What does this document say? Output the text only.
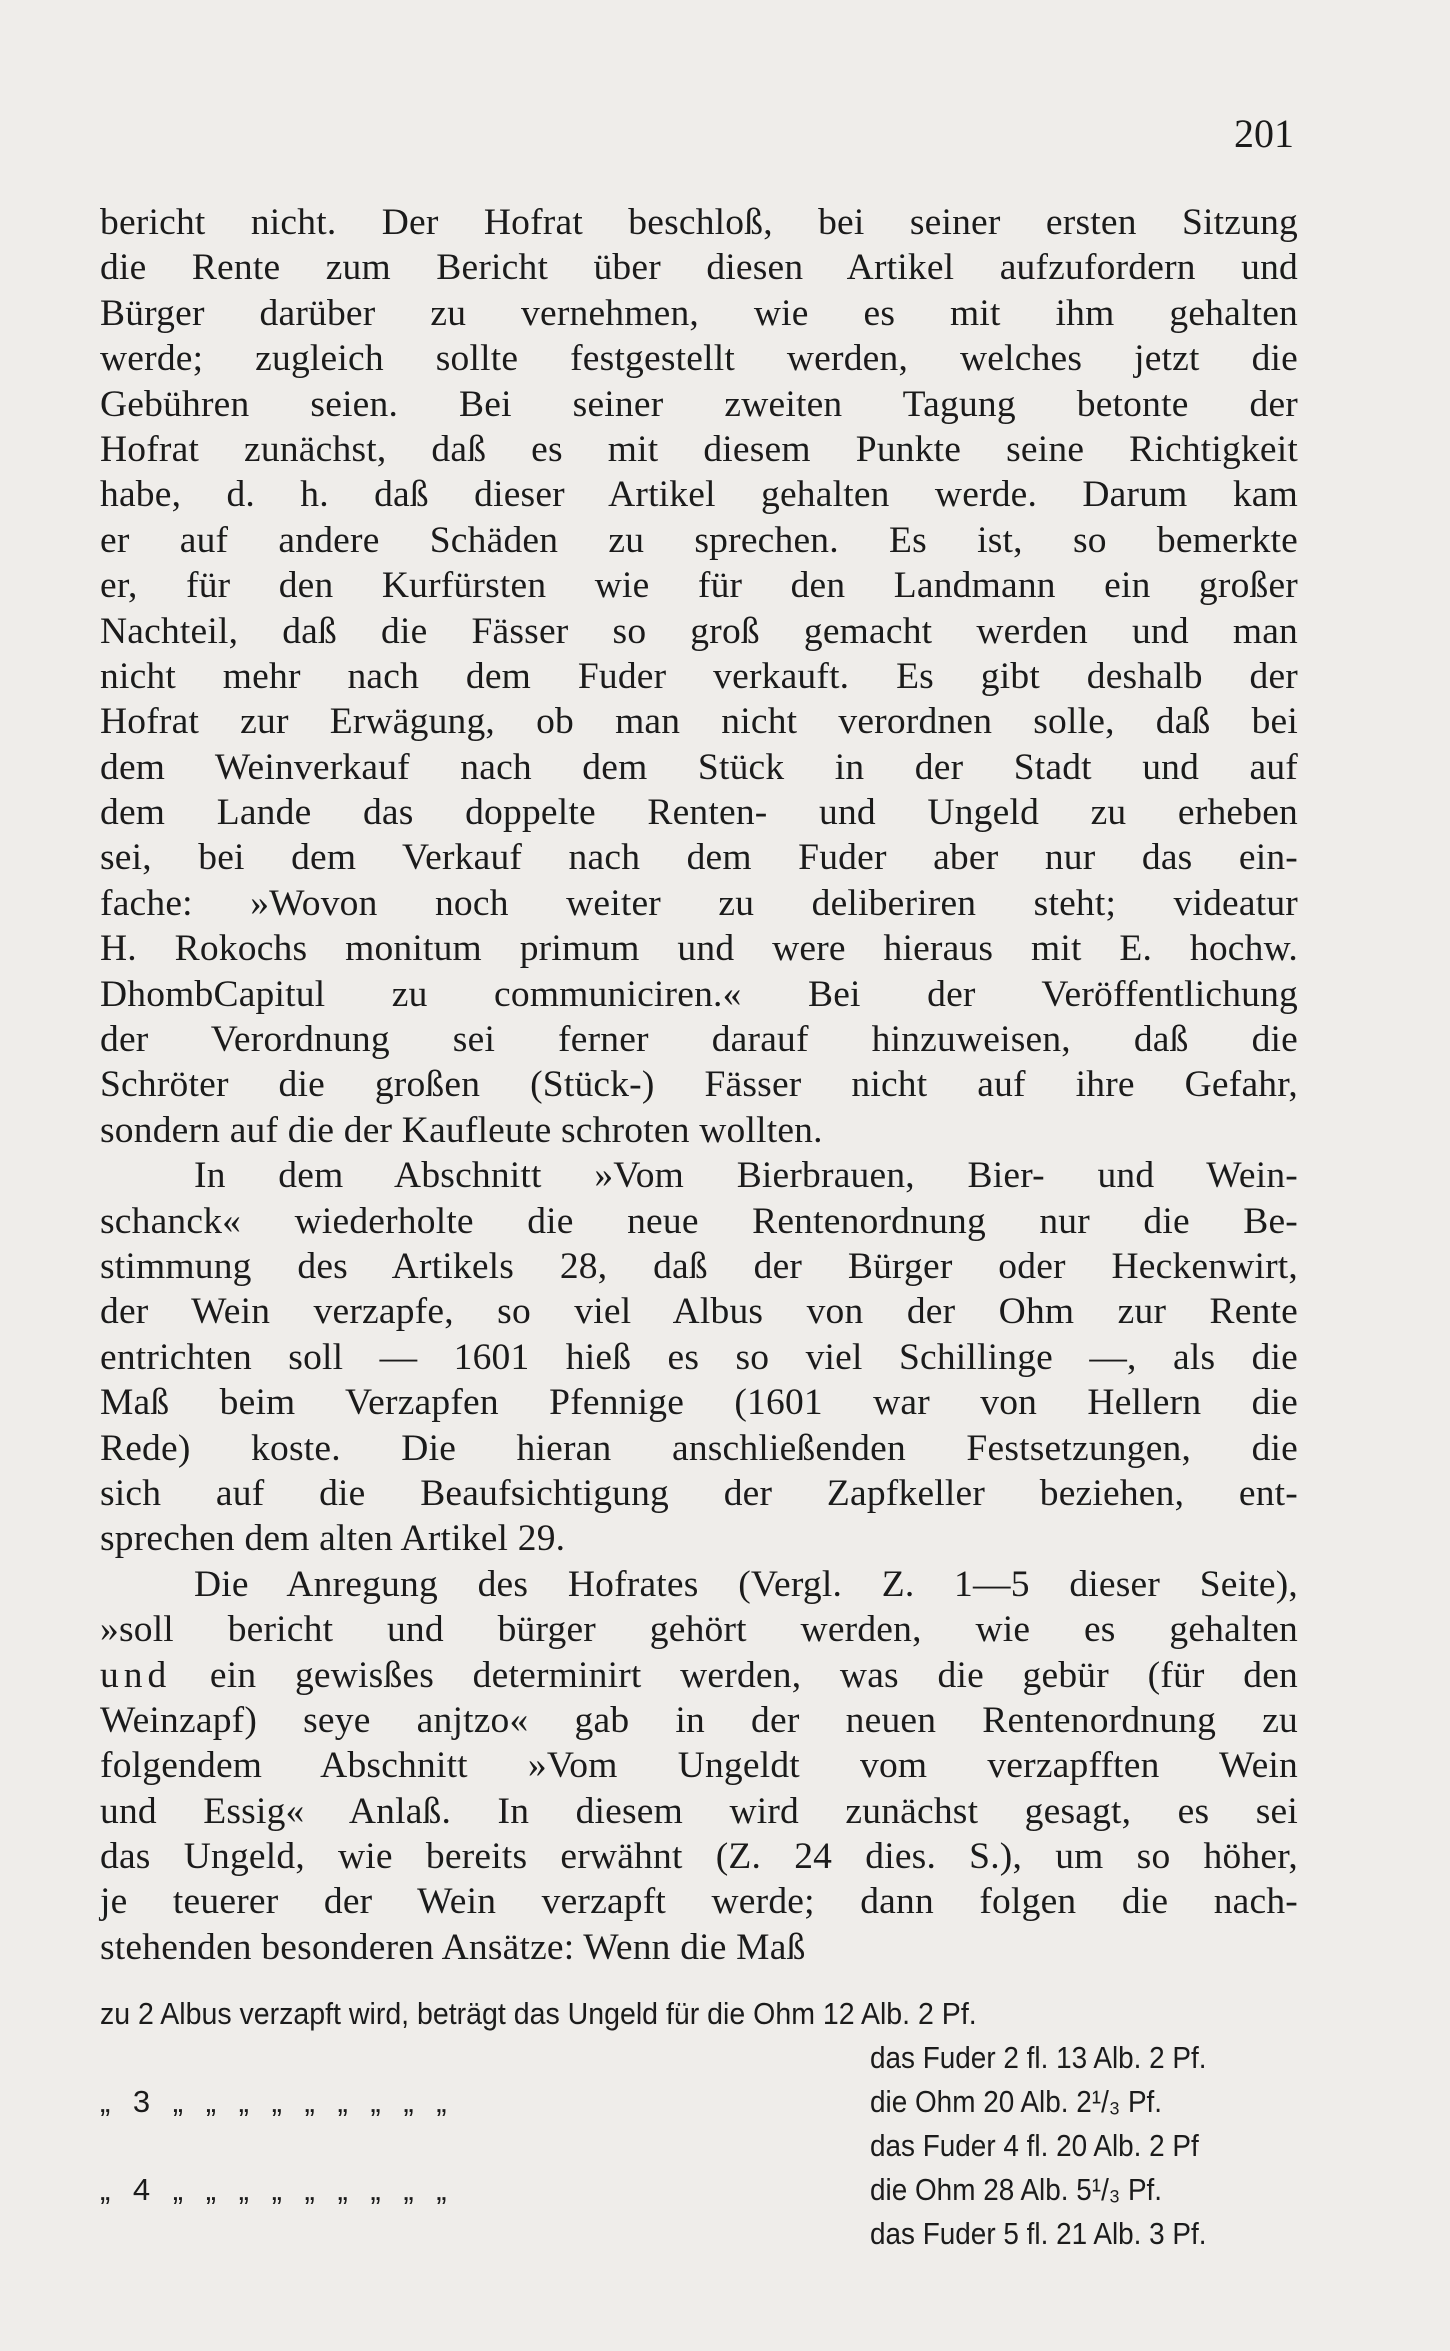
201
bericht nicht. Der Hofrat beschloß, bei seiner ersten Sitzung
die Rente zum Bericht über diesen Artikel aufzufordern und
Bürger darüber zu vernehmen, wie es mit ihm gehalten
werde; zugleich sollte festgestellt werden, welches jetzt die
Gebühren seien. Bei seiner zweiten Tagung betonte der
Hofrat zunächst, daß es mit diesem Punkte seine Richtigkeit
habe, d. h. daß dieser Artikel gehalten werde. Darum kam
er auf andere Schäden zu sprechen. Es ist, so bemerkte
er, für den Kurfürsten wie für den Landmann ein großer
Nachteil, daß die Fässer so groß gemacht werden und man
nicht mehr nach dem Fuder verkauft. Es gibt deshalb der
Hofrat zur Erwägung, ob man nicht verordnen solle, daß bei
dem Weinverkauf nach dem Stück in der Stadt und auf
dem Lande das doppelte Renten- und Ungeld zu erheben
sei, bei dem Verkauf nach dem Fuder aber nur das ein-
fache: »Wovon noch weiter zu deliberiren steht; videatur
H. Rokochs monitum primum und were hieraus mit E. hochw.
DhombCapitul zu communiciren.« Bei der Veröffentlichung
der Verordnung sei ferner darauf hinzuweisen, daß die
Schröter die großen (Stück-) Fässer nicht auf ihre Gefahr,
sondern auf die der Kaufleute schroten wollten.
In dem Abschnitt »Vom Bierbrauen, Bier- und Wein-
schanck« wiederholte die neue Rentenordnung nur die Be-
stimmung des Artikels 28, daß der Bürger oder Heckenwirt,
der Wein verzapfe, so viel Albus von der Ohm zur Rente
entrichten soll — 1601 hieß es so viel Schillinge —, als die
Maß beim Verzapfen Pfennige (1601 war von Hellern die
Rede) koste. Die hieran anschließenden Festsetzungen, die
sich auf die Beaufsichtigung der Zapfkeller beziehen, ent-
sprechen dem alten Artikel 29.
Die Anregung des Hofrates (Vergl. Z. 1—5 dieser Seite),
»soll bericht und bürger gehört werden, wie es gehalten
und ein gewisßes determinirt werden, was die gebür (für den
Weinzapf) seye anjtzo« gab in der neuen Rentenordnung zu
folgendem Abschnitt »Vom Ungeldt vom verzapfften Wein
und Essig« Anlaß. In diesem wird zunächst gesagt, es sei
das Ungeld, wie bereits erwähnt (Z. 24 dies. S.), um so höher,
je teuerer der Wein verzapft werde; dann folgen die nach-
stehenden besonderen Ansätze: Wenn die Maß
zu 2 Albus verzapft wird, beträgt das Ungeld für die Ohm 12 Alb. 2 Pf.
das Fuder 2 fl. 13 Alb. 2 Pf.
„ 3 „ „ „ „ „ „ „ „ „	die Ohm 20 Alb. 2¹/₃ Pf.
das Fuder 4 fl. 20 Alb. 2 Pf
„ 4 „ „ „ „ „ „ „ „ „	die Ohm 28 Alb. 5¹/₃ Pf.
das Fuder 5 fl. 21 Alb. 3 Pf.
